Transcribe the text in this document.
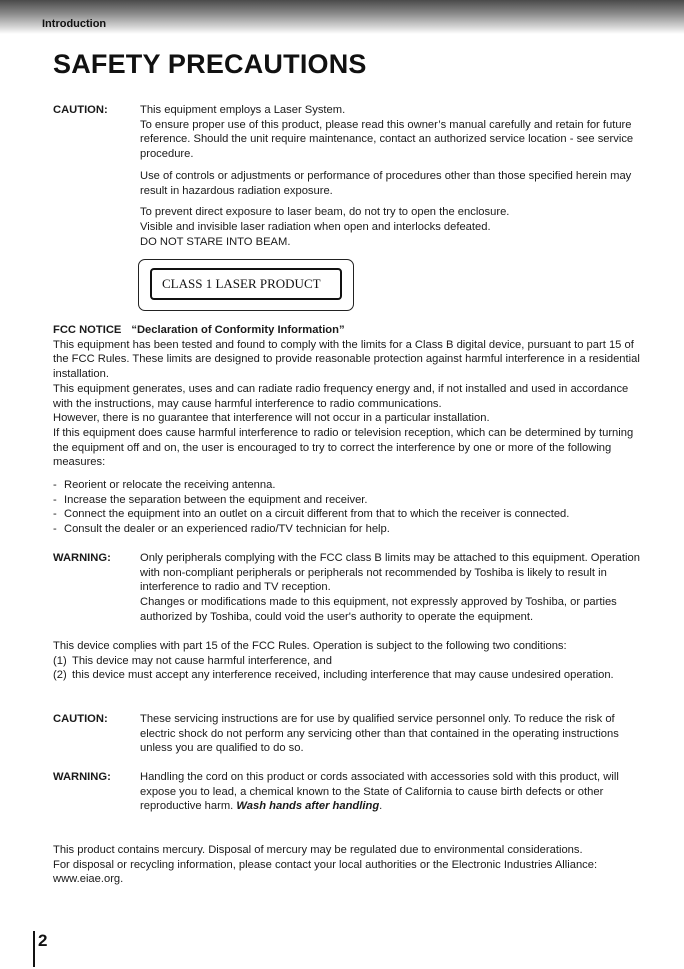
Introduction
SAFETY PRECAUTIONS
CAUTION:	This equipment employs a Laser System.
To ensure proper use of this product, please read this owner’s manual carefully and retain for future reference. Should the unit require maintenance, contact an authorized service location - see service procedure.

Use of controls or adjustments or performance of procedures other than those specified herein may result in hazardous radiation exposure.

To prevent direct exposure to laser beam, do not try to open the enclosure.
Visible and invisible laser radiation when open and interlocks defeated.
DO NOT STARE INTO BEAM.

CLASS 1 LASER PRODUCT
FCC NOTICE “Declaration of Conformity Information”

This equipment has been tested and found to comply with the limits for a Class B digital device, pursuant to part 15 of the FCC Rules. These limits are designed to provide reasonable protection against harmful interference in a residential installation.

This equipment generates, uses and can radiate radio frequency energy and, if not installed and used in accordance with the instructions, may cause harmful interference to radio communications.

However, there is no guarantee that interference will not occur in a particular installation.

If this equipment does cause harmful interference to radio or television reception, which can be determined by turning the equipment off and on, the user is encouraged to try to correct the interference by one or more of the following measures:

- Reorient or relocate the receiving antenna.
- Increase the separation between the equipment and receiver.
- Connect the equipment into an outlet on a circuit different from that to which the receiver is connected.
- Consult the dealer or an experienced radio/TV technician for help.
WARNING:	Only peripherals complying with the FCC class B limits may be attached to this equipment. Operation with non-compliant peripherals or peripherals not recommended by Toshiba is likely to result in interference to radio and TV reception.
Changes or modifications made to this equipment, not expressly approved by Toshiba, or parties authorized by Toshiba, could void the user's authority to operate the equipment.

This device complies with part 15 of the FCC Rules. Operation is subject to the following two conditions:

(1) This device may not cause harmful interference, and
(2) this device must accept any interference received, including interference that may cause undesired operation.
CAUTION:	These servicing instructions are for use by qualified service personnel only. To reduce the risk of electric shock do not perform any servicing other than that contained in the operating instructions unless you are qualified to do so.

WARNING:	Handling the cord on this product or cords associated with accessories sold with this product, will expose you to lead, a chemical known to the State of California to cause birth defects or other reproductive harm. Wash hands after handling.

This product contains mercury. Disposal of mercury may be regulated due to environmental considerations.

For disposal or recycling information, please contact your local authorities or the Electronic Industries Alliance: www.eiae.org.

2
